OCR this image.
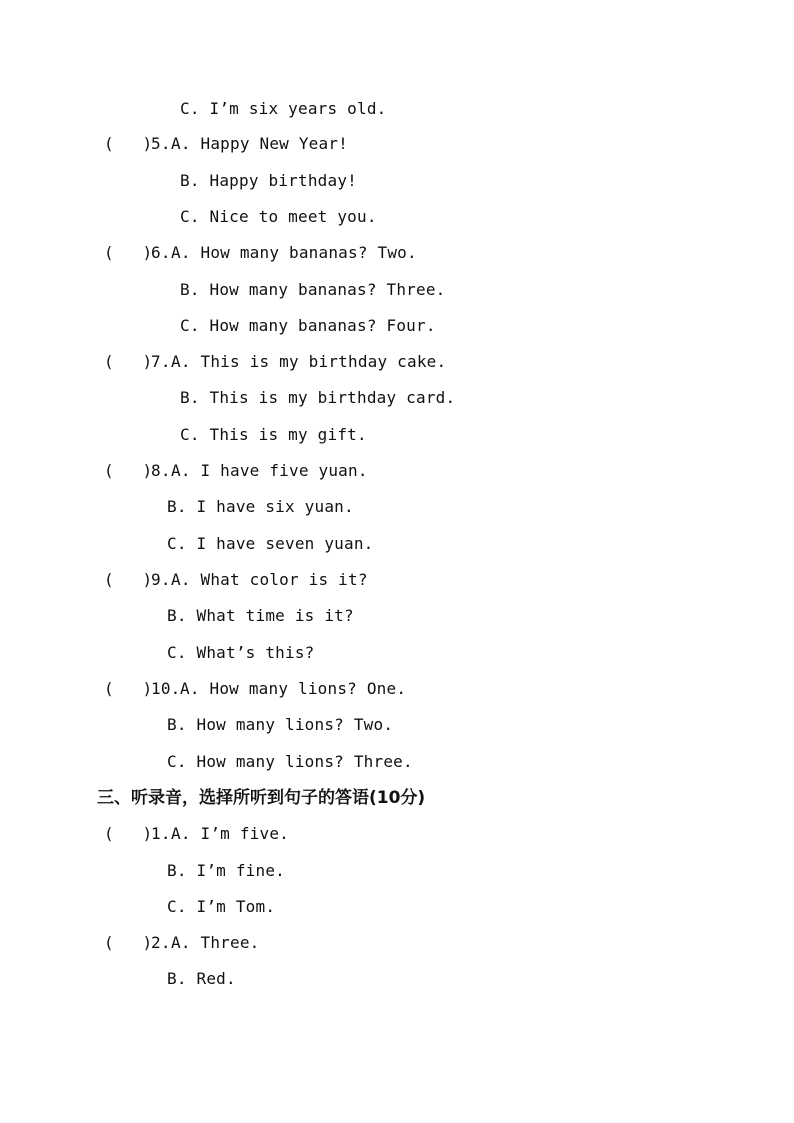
C. I’m six years old.
(   )
5. A. Happy New Year!
B. Happy birthday!
C. Nice to meet you.
(   )
6. A. How many bananas? Two.
B. How many bananas? Three.
C. How many bananas? Four.
(   )
7. A. This is my birthday cake.
B. This is my birthday card.
C. This is my gift.
(   )
8. A. I have five yuan.
B. I have six yuan.
C. I have seven yuan.
(   )
9. A. What color is it?
B. What time is it?
C. What’s this?
(   )
10. A. How many lions? One.
B. How many lions? Two.
C. How many lions? Three.
三、听录音，选择所听到句子的答语(10分)
(   )
1. A. I’m five.
B. I’m fine.
C. I’m Tom.
(   )
2. A. Three.
B. Red.
